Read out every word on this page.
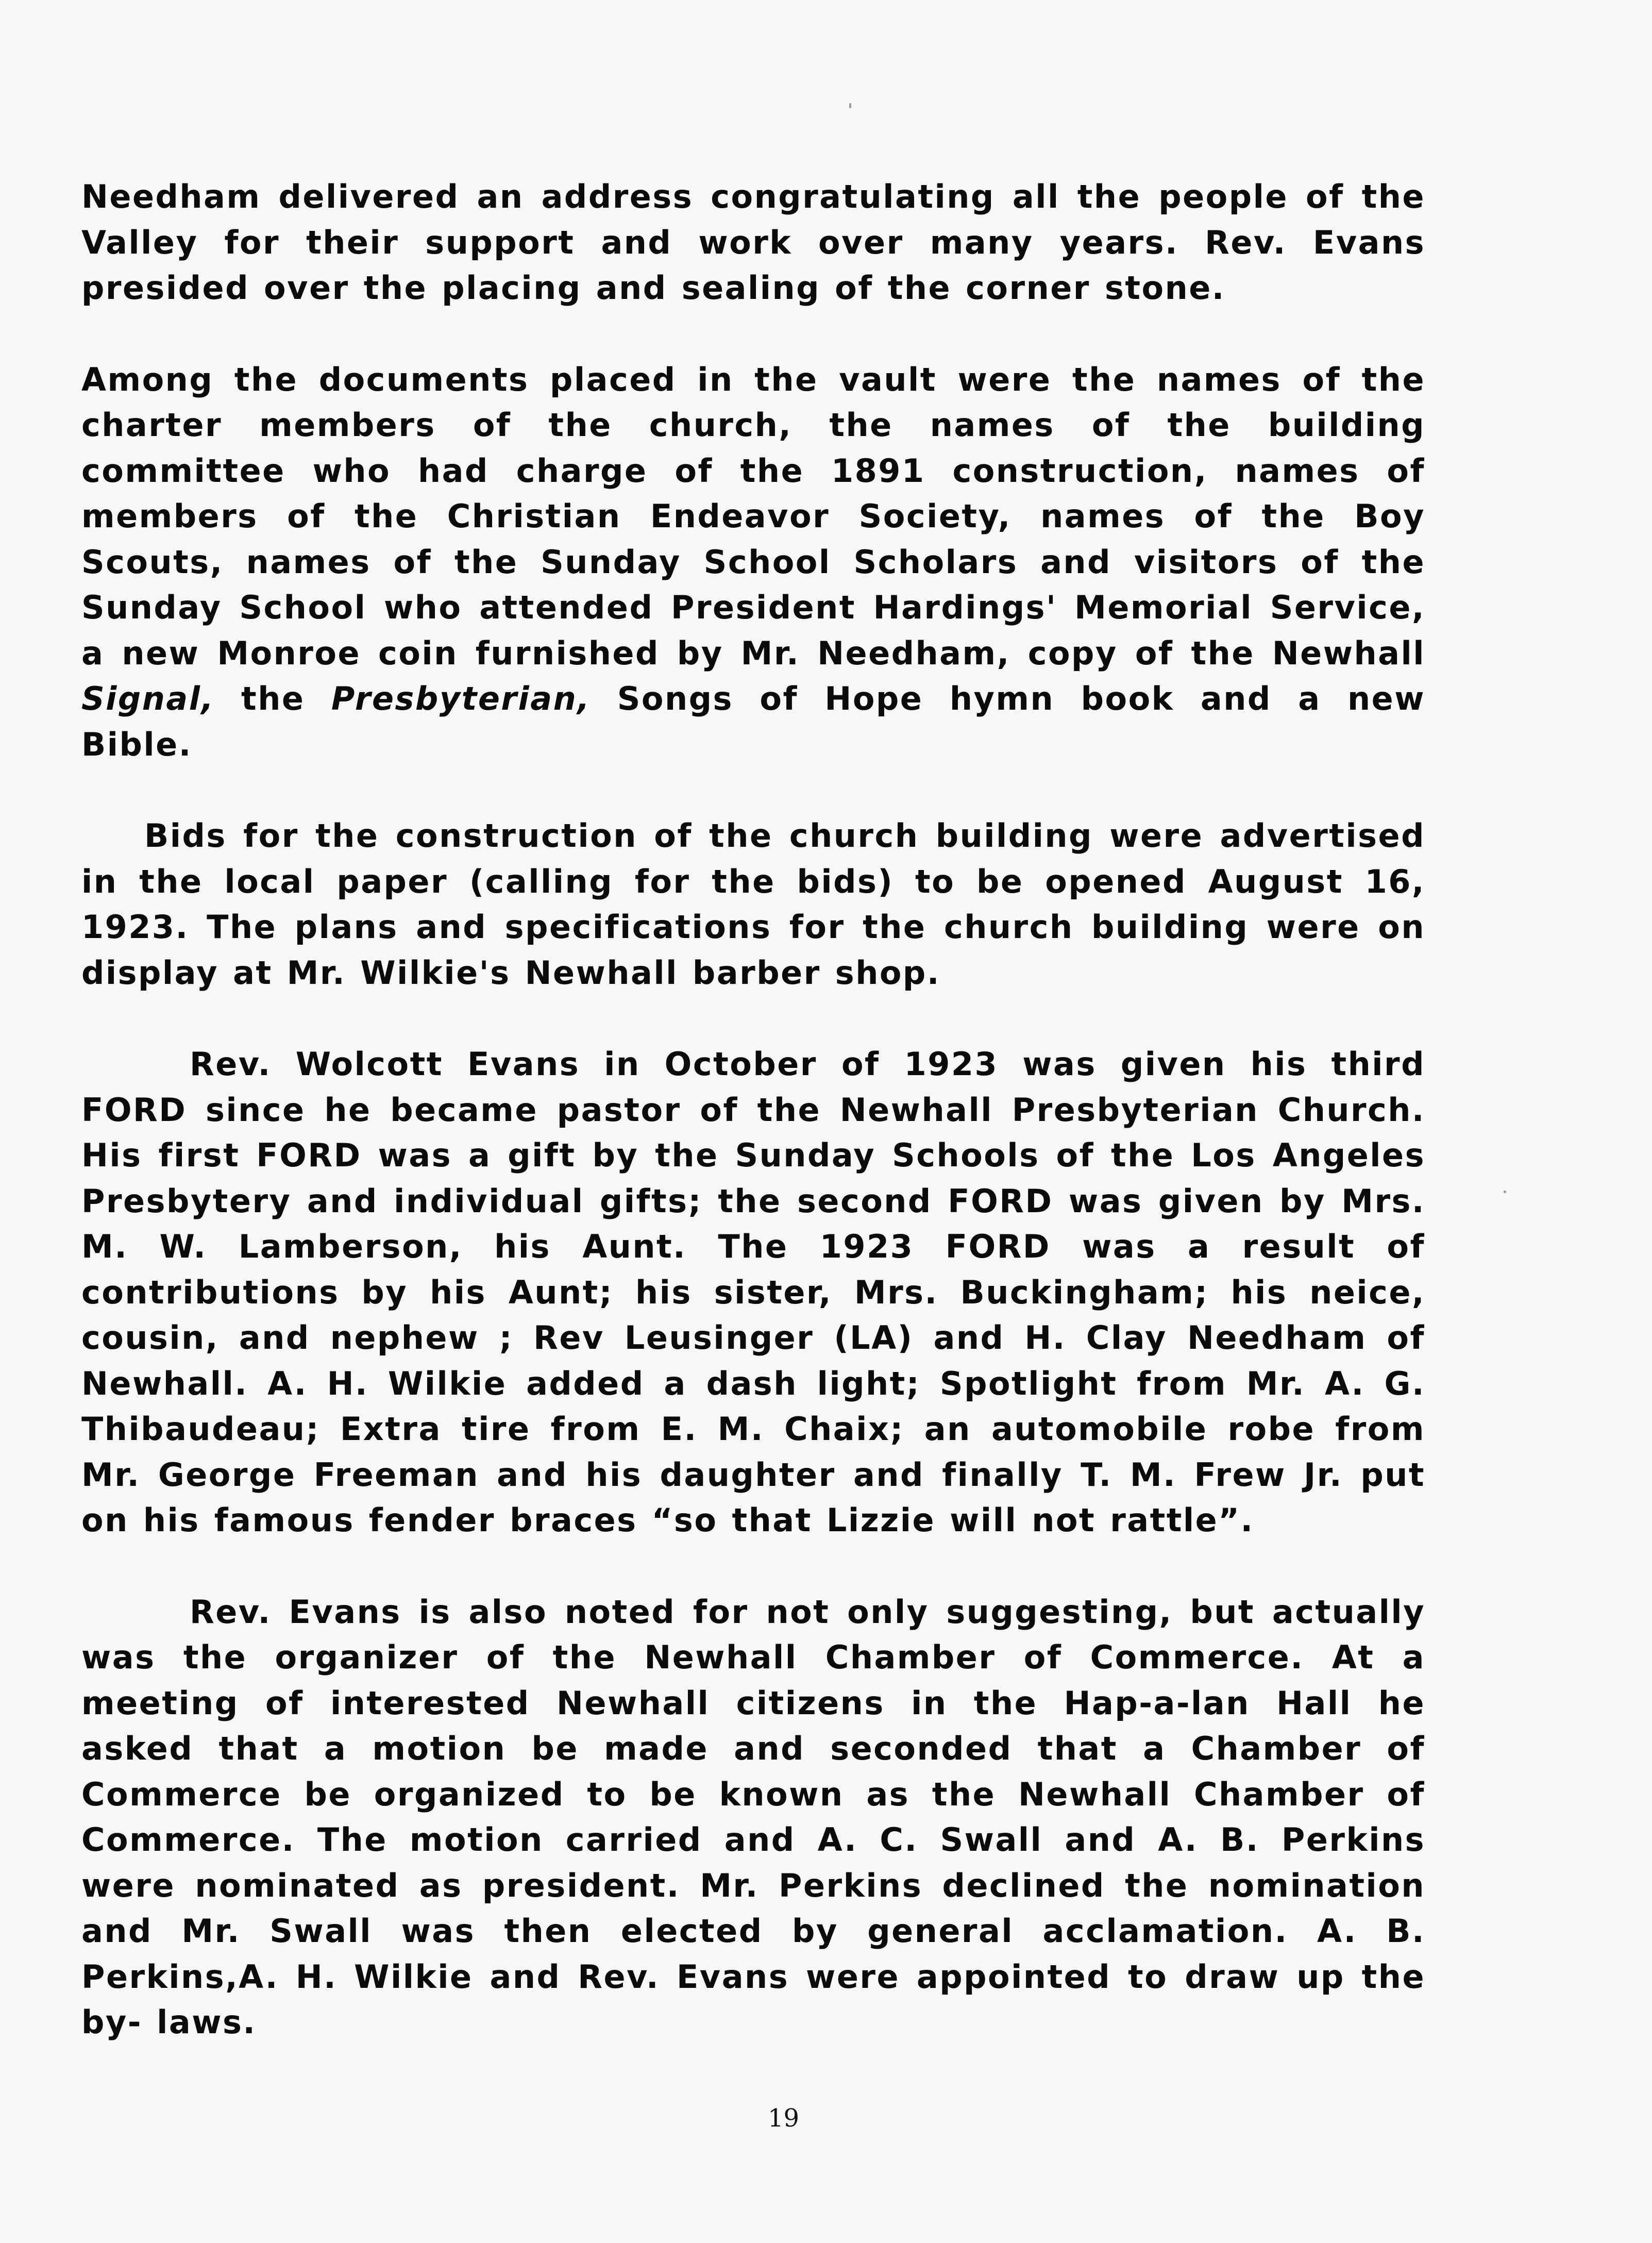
Needham delivered an address congratulating all the people of the Valley for their support and work over many years. Rev. Evans presided over the placing and sealing of the corner stone.

Among the documents placed in the vault were the names of the charter members of the church, the names of the building committee who had charge of the 1891 construction, names of members of the Christian Endeavor Society, names of the Boy Scouts, names of the Sunday School Scholars and visitors of the Sunday School who attended President Hardings' Memorial Service, a new Monroe coin furnished by Mr. Needham, copy of the Newhall Signal, the Presbyterian, Songs of Hope hymn book and a new Bible.

Bids for the construction of the church building were advertised in the local paper (calling for the bids) to be opened August 16, 1923. The plans and specifications for the church building were on display at Mr. Wilkie's Newhall barber shop.

Rev. Wolcott Evans in October of 1923 was given his third FORD since he became pastor of the Newhall Presbyterian Church. His first FORD was a gift by the Sunday Schools of the Los Angeles Presbytery and individual gifts; the second FORD was given by Mrs. M. W. Lamberson, his Aunt. The 1923 FORD was a result of contributions by his Aunt; his sister, Mrs. Buckingham; his neice, cousin, and nephew ; Rev Leusinger (LA) and H. Clay Needham of Newhall. A. H. Wilkie added a dash light; Spotlight from Mr. A. G. Thibaudeau; Extra tire from E. M. Chaix; an automobile robe from Mr. George Freeman and his daughter and finally T. M. Frew Jr. put on his famous fender braces “so that Lizzie will not rattle”.

Rev. Evans is also noted for not only suggesting, but actually was the organizer of the Newhall Chamber of Commerce. At a meeting of interested Newhall citizens in the Hap-a-lan Hall he asked that a motion be made and seconded that a Chamber of Commerce be organized to be known as the Newhall Chamber of Commerce. The motion carried and A. C. Swall and A. B. Perkins were nominated as president. Mr. Perkins declined the nomination and Mr. Swall was then elected by general acclamation. A. B. Perkins,A. H. Wilkie and Rev. Evans were appointed to draw up the by- laws.

19
